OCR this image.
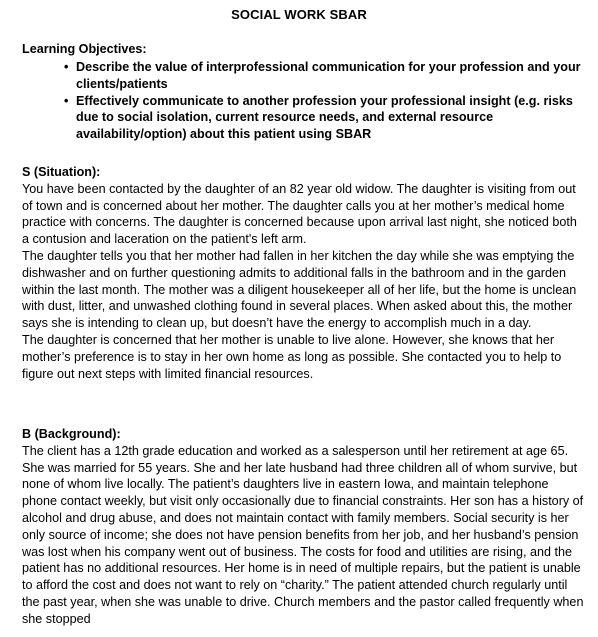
SOCIAL WORK SBAR
Learning Objectives:
• Describe the value of interprofessional communication for your profession and your clients/patients
• Effectively communicate to another profession your professional insight (e.g. risks due to social isolation, current resource needs, and external resource availability/option) about this patient using SBAR
S (Situation):

You have been contacted by the daughter of an 82 year old widow. The daughter is visiting from out of town and is concerned about her mother. The daughter calls you at her mother’s medical home practice with concerns. The daughter is concerned because upon arrival last night, she noticed both a contusion and laceration on the patient's left arm.

The daughter tells you that her mother had fallen in her kitchen the day while she was emptying the dishwasher and on further questioning admits to additional falls in the bathroom and in the garden within the last month. The mother was a diligent housekeeper all of her life, but the home is unclean with dust, litter, and unwashed clothing found in several places. When asked about this, the mother says she is intending to clean up, but doesn’t have the energy to accomplish much in a day.

The daughter is concerned that her mother is unable to live alone. However, she knows that her mother’s preference is to stay in her own home as long as possible. She contacted you to help to figure out next steps with limited financial resources.

B (Background):

The client has a 12th grade education and worked as a salesperson until her retirement at age 65. She was married for 55 years. She and her late husband had three children all of whom survive, but none of whom live locally. The patient’s daughters live in eastern Iowa, and maintain telephone phone contact weekly, but visit only occasionally due to financial constraints. Her son has a history of alcohol and drug abuse, and does not maintain contact with family members. Social security is her only source of income; she does not have pension benefits from her job, and her husband’s pension was lost when his company went out of business. The costs for food and utilities are rising, and the patient has no additional resources. Her home is in need of multiple repairs, but the patient is unable to afford the cost and does not want to rely on “charity.” The patient attended church regularly until the past year, when she was unable to drive. Church members and the pastor called frequently when she stopped
